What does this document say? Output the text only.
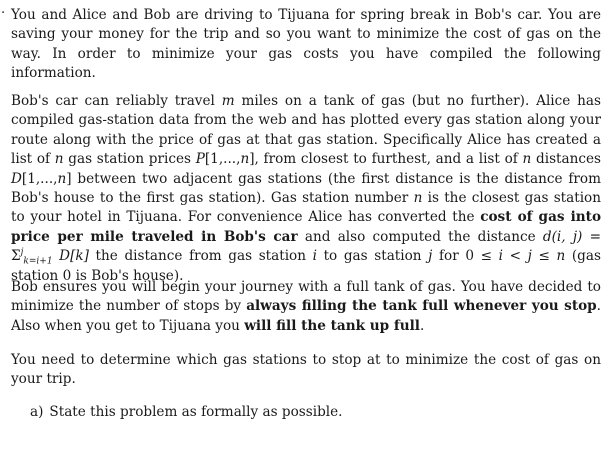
. You and Alice and Bob are driving to Tijuana for spring break in Bob's car. You are saving your money for the trip and so you want to minimize the cost of gas on the way. In order to minimize your gas costs you have compiled the following information.

Bob's car can reliably travel m miles on a tank of gas (but no further). Alice has compiled gas-station data from the web and has plotted every gas station along your route along with the price of gas at that gas station. Specifically Alice has created a list of n gas station prices P[1,...,n], from closest to furthest, and a list of n distances D[1,...,n] between two adjacent gas stations (the first distance is the distance from Bob's house to the first gas station). Gas station number n is the closest gas station to your hotel in Tijuana. For convenience Alice has converted the cost of gas into price per mile traveled in Bob's car and also computed the distance d(i, $j) = \Sigma^j_{k=i+1}$ D[k] the distance from gas station i to gas station j for 0 ≤ i < j ≤ n (gas station 0 is Bob's house).

Bob ensures you will begin your journey with a full tank of gas. You have decided to minimize the number of stops by always filling the tank full whenever you stop. Also when you get to Tijuana you will fill the tank up full.

You need to determine which gas stations to stop at to minimize the cost of gas on your trip.

a) State this problem as formally as possible.
